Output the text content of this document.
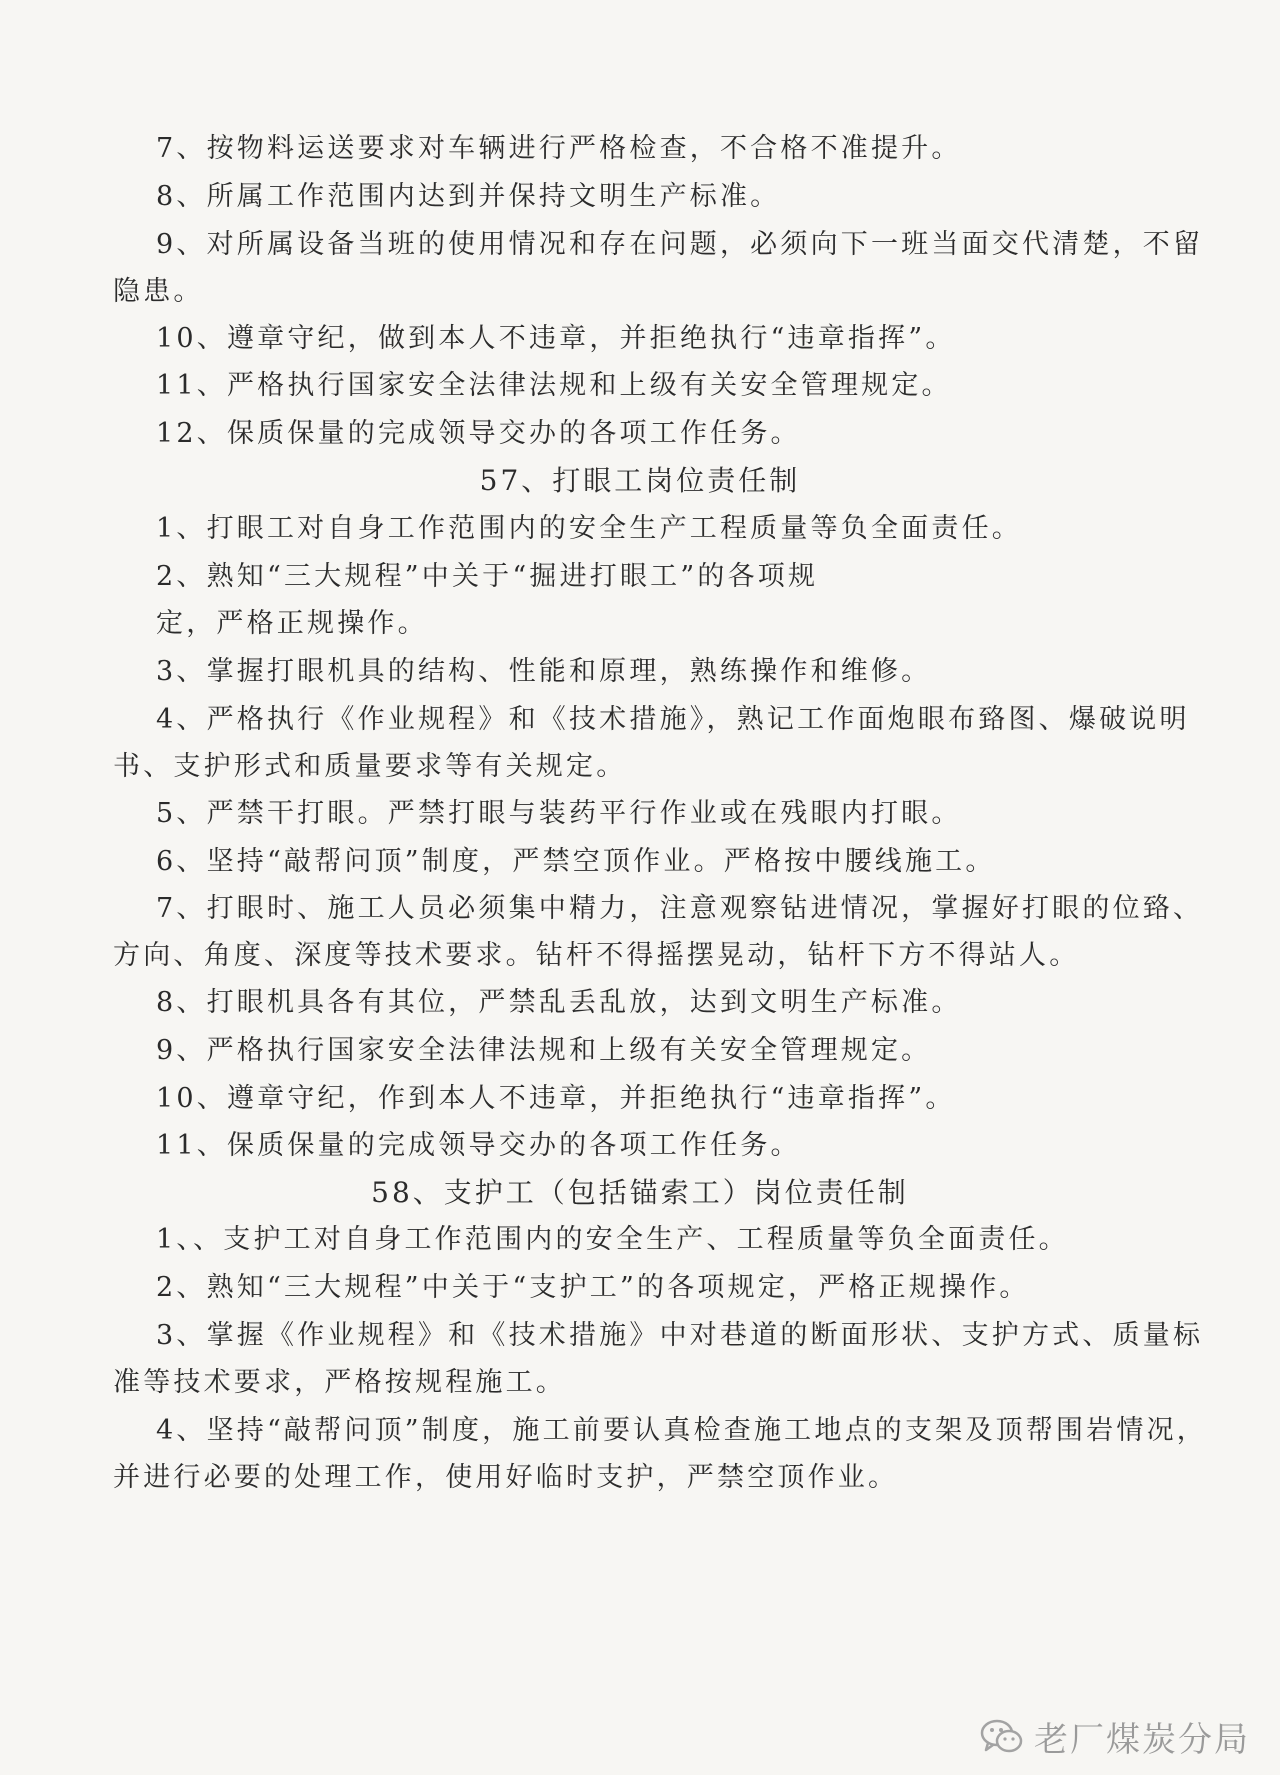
7、按物料运送要求对车辆进行严格检查，不合格不准提升。
8、所属工作范围内达到并保持文明生产标准。
9、对所属设备当班的使用情况和存在问题，必须向下一班当面交代清楚，不留
隐患。
10、遵章守纪，做到本人不违章，并拒绝执行“违章指挥”。
11、严格执行国家安全法律法规和上级有关安全管理规定。
12、保质保量的完成领导交办的各项工作任务。
57、打眼工岗位责任制
1、打眼工对自身工作范围内的安全生产工程质量等负全面责任。
2、熟知“三大规程”中关于“掘进打眼工”的各项规
定，严格正规操作。
3、掌握打眼机具的结构、性能和原理，熟练操作和维修。
4、严格执行《作业规程》和《技术措施》，熟记工作面炮眼布臵图、爆破说明
书、支护形式和质量要求等有关规定。
5、严禁干打眼。严禁打眼与装药平行作业或在残眼内打眼。
6、坚持“敲帮问顶”制度，严禁空顶作业。严格按中腰线施工。
7、打眼时、施工人员必须集中精力，注意观察钻进情况，掌握好打眼的位臵、
方向、角度、深度等技术要求。钻杆不得摇摆晃动，钻杆下方不得站人。
8、打眼机具各有其位，严禁乱丢乱放，达到文明生产标准。
9、严格执行国家安全法律法规和上级有关安全管理规定。
10、遵章守纪，作到本人不违章，并拒绝执行“违章指挥”。
11、保质保量的完成领导交办的各项工作任务。
58、支护工（包括锚索工）岗位责任制
1、、支护工对自身工作范围内的安全生产、工程质量等负全面责任。
2、熟知“三大规程”中关于“支护工”的各项规定，严格正规操作。
3、掌握《作业规程》和《技术措施》中对巷道的断面形状、支护方式、质量标
准等技术要求，严格按规程施工。
4、坚持“敲帮问顶”制度，施工前要认真检查施工地点的支架及顶帮围岩情况，
并进行必要的处理工作，使用好临时支护，严禁空顶作业。
老厂煤炭分局
